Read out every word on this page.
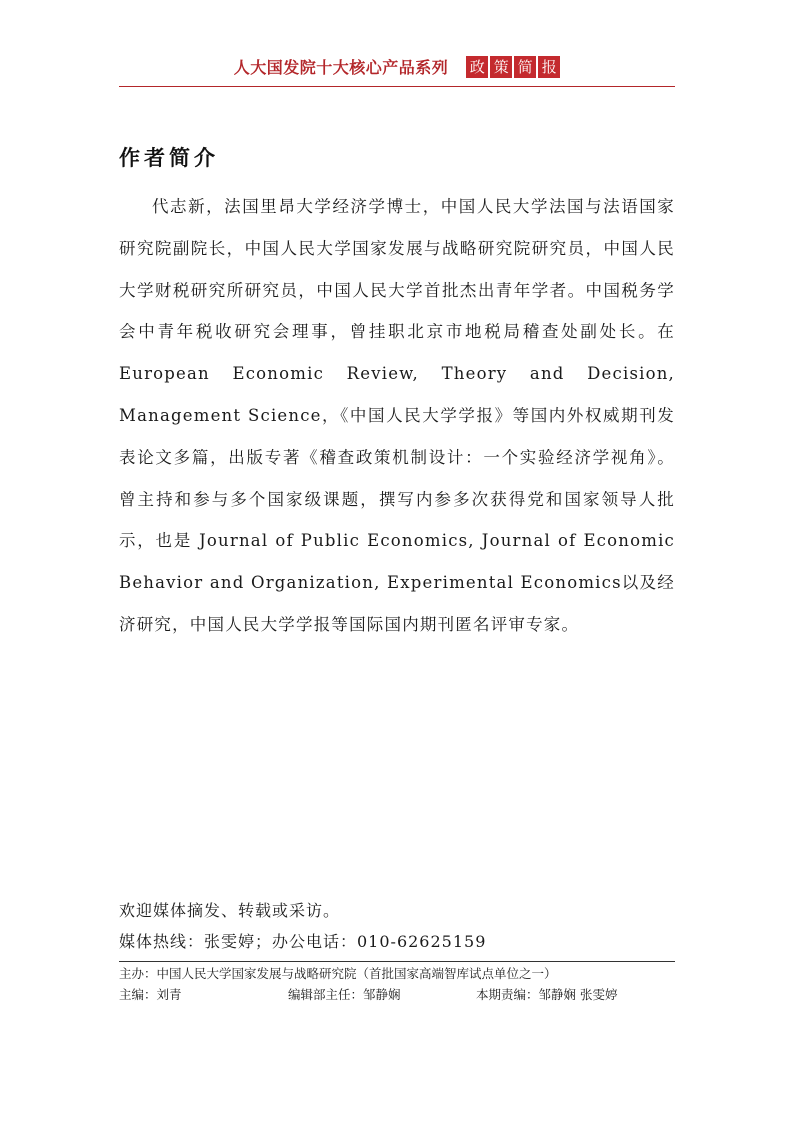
人大国发院十大核心产品系列 政 策 简 报
作者简介

代志新，法国里昂大学经济学博士，中国人民大学法国与法语国家研究院副院长，中国人民大学国家发展与战略研究院研究员，中国人民大学财税研究所研究员，中国人民大学首批杰出青年学者。中国税务学会中青年税收研究会理事，曾挂职北京市地税局稽查处副处长。在 European Economic Review, Theory and Decision, Management Science，《中国人民大学学报》等国内外权威期刊发表论文多篇，出版专著《稽查政策机制设计：一个实验经济学视角》。曾主持和参与多个国家级课题，撰写内参多次获得党和国家领导人批示，也是 Journal of Public Economics, Journal of Economic Behavior and Organization, Experimental Economics以及经济研究，中国人民大学学报等国际国内期刊匿名评审专家。

欢迎媒体摘发、转载或采访。
媒体热线：张雯婷；办公电话：010-62625159
主办：中国人民大学国家发展与战略研究院（首批国家高端智库试点单位之一）
主编：刘青	编辑部主任：邹静娴	本期责编：邹静娴 张雯婷
